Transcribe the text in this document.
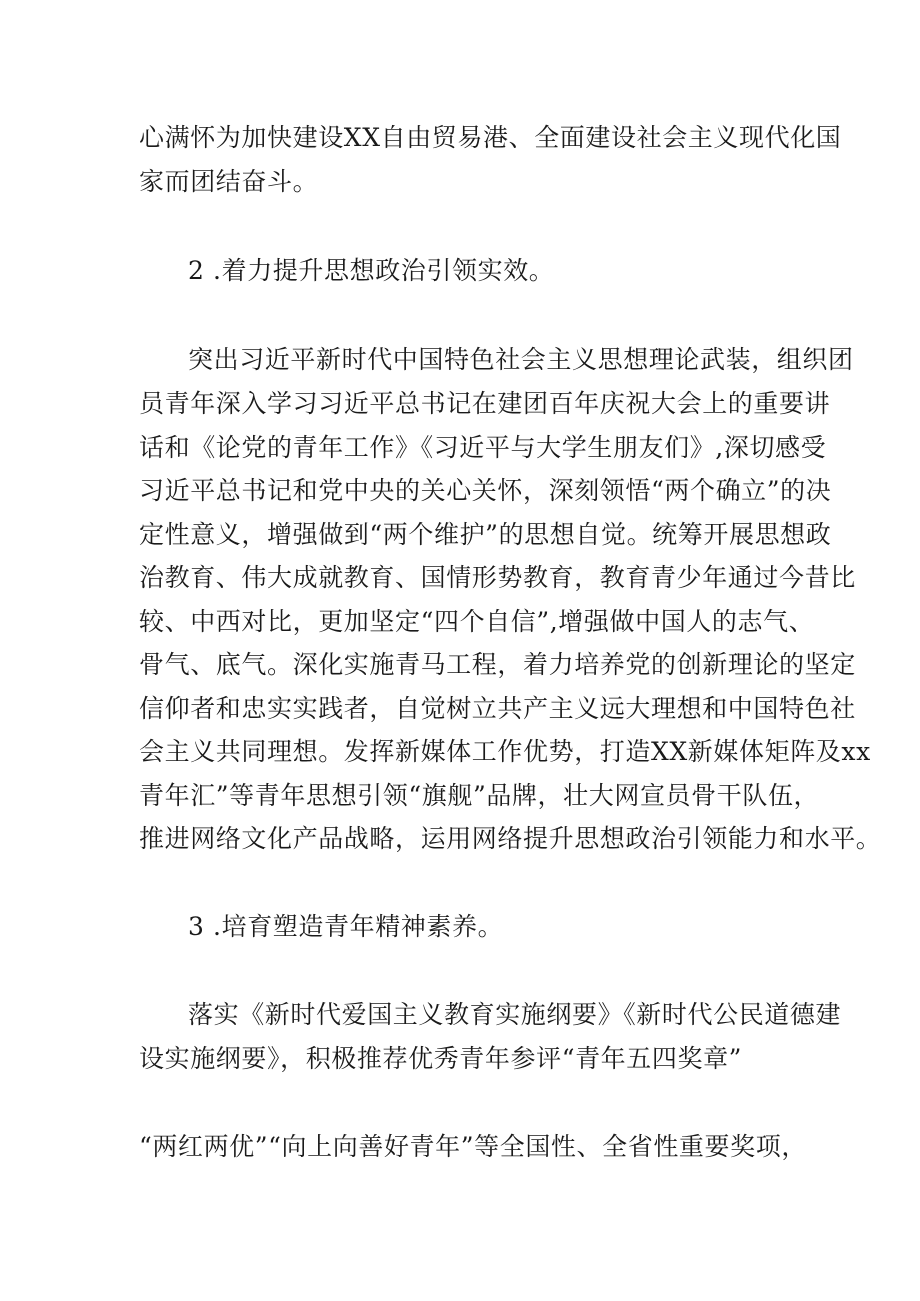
心满怀为加快建设XX自由贸易港、全面建设社会主义现代化国
家而团结奋斗。
2 .着力提升思想政治引领实效。
突出习近平新时代中国特色社会主义思想理论武装，组织团
员青年深入学习习近平总书记在建团百年庆祝大会上的重要讲
话和《论党的青年工作》《习近平与大学生朋友们》,深切感受
习近平总书记和党中央的关心关怀，深刻领悟“两个确立”的决
定性意义，增强做到“两个维护”的思想自觉。统筹开展思想政
治教育、伟大成就教育、国情形势教育，教育青少年通过今昔比
较、中西对比，更加坚定“四个自信”,增强做中国人的志气、
骨气、底气。深化实施青马工程，着力培养党的创新理论的坚定
信仰者和忠实实践者，自觉树立共产主义远大理想和中国特色社
会主义共同理想。发挥新媒体工作优势，打造XX新媒体矩阵及xx
青年汇”等青年思想引领“旗舰”品牌，壮大网宣员骨干队伍，
推进网络文化产品战略，运用网络提升思想政治引领能力和水平。
3 .培育塑造青年精神素养。
落实《新时代爱国主义教育实施纲要》《新时代公民道德建
设实施纲要》，积极推荐优秀青年参评“青年五四奖章”
“两红两优”“向上向善好青年”等全国性、全省性重要奖项，
